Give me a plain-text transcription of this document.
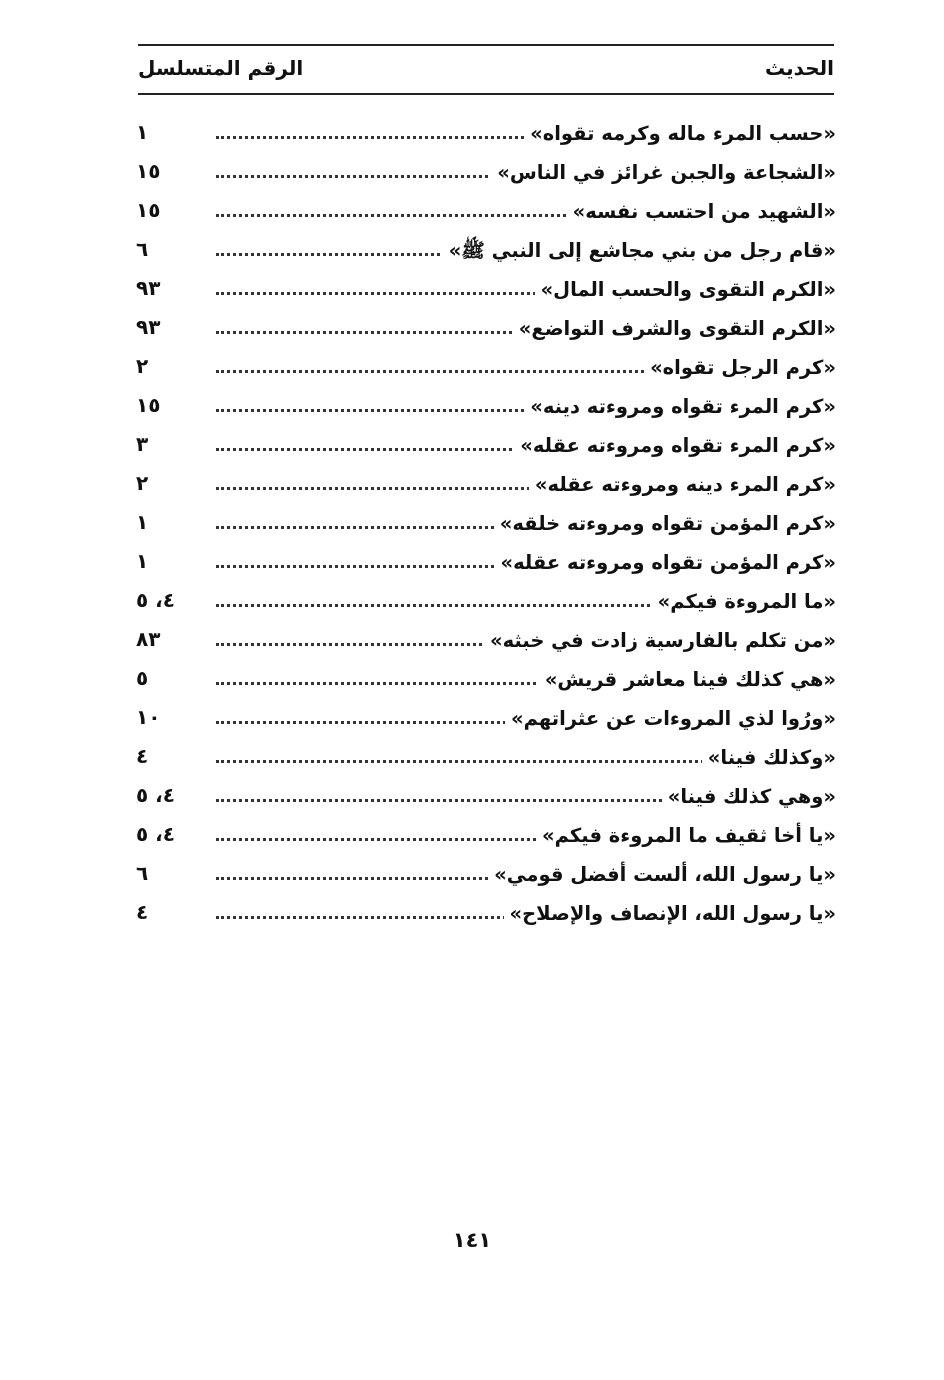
الحديث
الرقم المتسلسل
«حسب المرء ماله وكرمه تقواه»
١
«الشجاعة والجبن غرائز في الناس»
١٥
«الشهيد من احتسب نفسه»
١٥
«قام رجل من بني مجاشع إلى النبي ﷺ»
٦
«الكرم التقوى والحسب المال»
٩٣
«الكرم التقوى والشرف التواضع»
٩٣
«كرم الرجل تقواه»
٢
«كرم المرء تقواه ومروءته دينه»
١٥
«كرم المرء تقواه ومروءته عقله»
٣
«كرم المرء دينه ومروءته عقله»
٢
«كرم المؤمن تقواه ومروءته خلقه»
١
«كرم المؤمن تقواه ومروءته عقله»
١
«ما المروءة فيكم»
٤، ٥
«من تكلم بالفارسية زادت في خبثه»
٨٣
«هي كذلك فينا معاشر قريش»
٥
«ورُوا لذي المروءات عن عثراتهم»
١٠
«وكذلك فينا»
٤
«وهي كذلك فينا»
٤، ٥
«يا أخا ثقيف ما المروءة فيكم»
٤، ٥
«يا رسول الله، ألست أفضل قومي»
٦
«يا رسول الله، الإنصاف والإصلاح»
٤
١٤١
